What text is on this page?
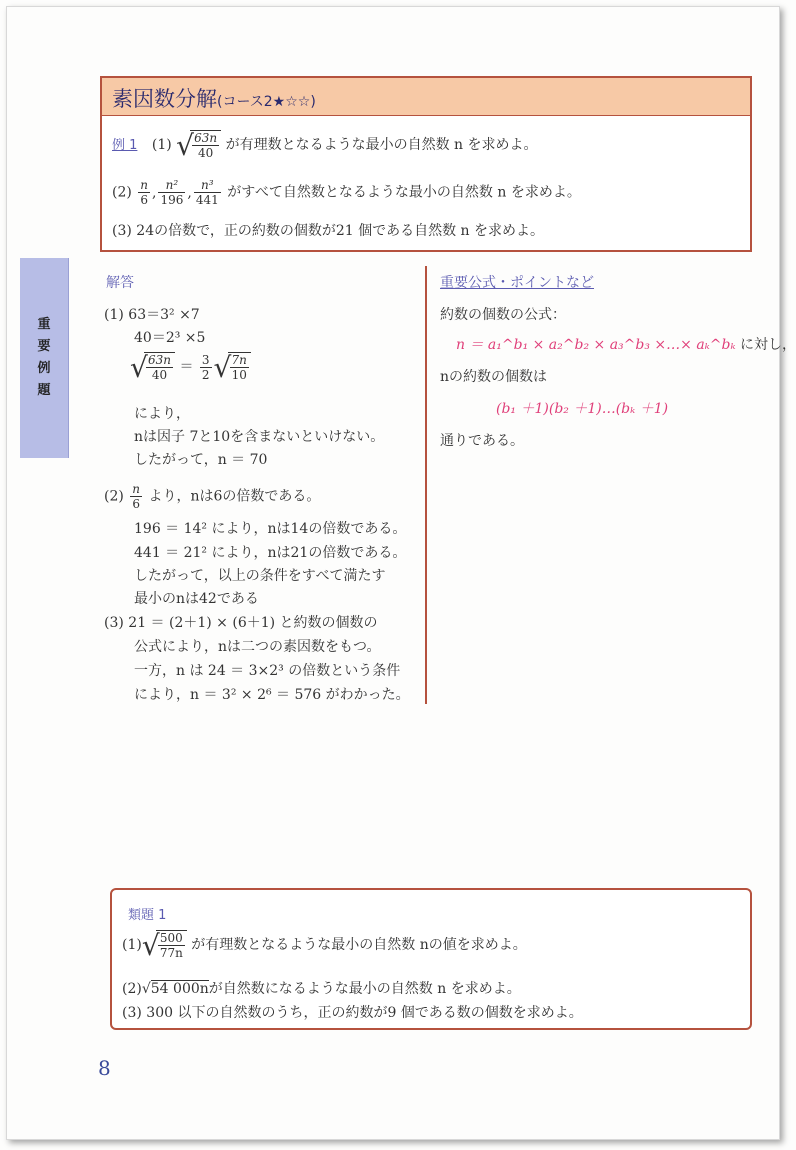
素因数分解(コース2★☆☆)
例 1 (1) √
$\frac{63n}{40}$ が有理数となるような最小の自然数 n を求めよ。
$(2) \frac{n}{6}$ , $\frac{\text{n²}}{196}$ , $\frac{\text{n³}}{441}$ がすべて自然数となるような最小の自然数 n を求めよ。
(3) 24の倍数で，正の約数の個数が21 個である自然数 n を求めよ。
重
要
例
題
解答
(1) 63＝3² ×7
40＝2³ ×5
√
$\frac{63n}{40} = \frac{3}{2}$ √
$\frac{7n}{10}$
により，
nは因子 7と10を含まないといけない。
したがって，n ＝ 70
$(2) \frac{n}{6}$ より，nは6の倍数である。
196 ＝ 14² により，nは14の倍数である。
441 ＝ 21² により，nは21の倍数である。
したがって，以上の条件をすべて満たす
最小のnは42である
(3) 21 ＝ (2＋1) × (6＋1) と約数の個数の
公式により，nは二つの素因数をもつ。
一方，n は 24 ＝ 3×2³ の倍数という条件
により，n ＝ 3² × 2⁶ ＝ 576 がわかった。
重要公式・ポイントなど
約数の個数の公式：
n ＝ a₁^b₁ × a₂^b₂ × a₃^b₃ ×…× aₖ^bₖ に対し，
nの約数の個数は
(b₁ ＋1)(b₂ ＋1)…(bₖ ＋1)
通りである。
類題 1
(1) √
$\frac{500}{77n}$ が有理数となるような最小の自然数 nの値を求めよ。
(2)√54 000nが自然数になるような最小の自然数 n を求めよ。
(3) 300 以下の自然数のうち，正の約数が9 個である数の個数を求めよ。
8
